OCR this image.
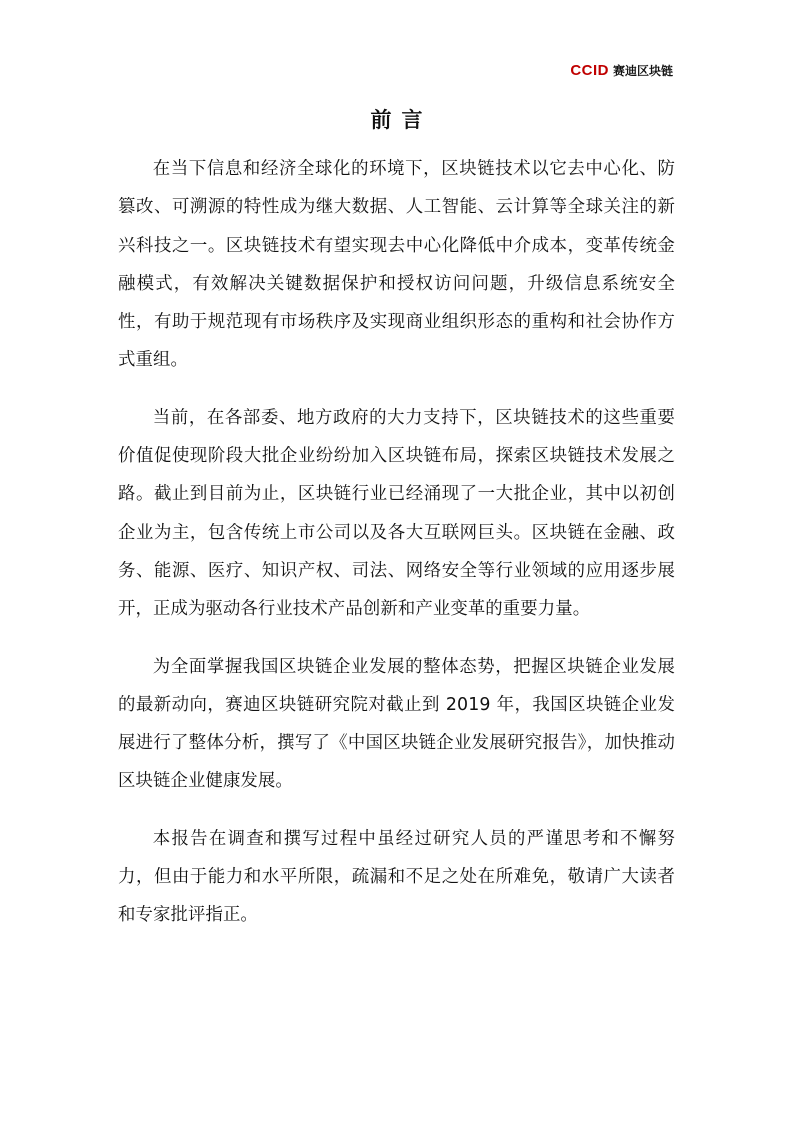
CCID 赛迪区块链
前言

在当下信息和经济全球化的环境下，区块链技术以它去中心化、防篡改、可溯源的特性成为继大数据、人工智能、云计算等全球关注的新兴科技之一。区块链技术有望实现去中心化降低中介成本，变革传统金融模式，有效解决关键数据保护和授权访问问题，升级信息系统安全性，有助于规范现有市场秩序及实现商业组织形态的重构和社会协作方式重组。

当前，在各部委、地方政府的大力支持下，区块链技术的这些重要价值促使现阶段大批企业纷纷加入区块链布局，探索区块链技术发展之路。截止到目前为止，区块链行业已经涌现了一大批企业，其中以初创企业为主，包含传统上市公司以及各大互联网巨头。区块链在金融、政务、能源、医疗、知识产权、司法、网络安全等行业领域的应用逐步展开，正成为驱动各行业技术产品创新和产业变革的重要力量。

为全面掌握我国区块链企业发展的整体态势，把握区块链企业发展的最新动向，赛迪区块链研究院对截止到 2019 年，我国区块链企业发展进行了整体分析，撰写了《中国区块链企业发展研究报告》，加快推动区块链企业健康发展。

本报告在调查和撰写过程中虽经过研究人员的严谨思考和不懈努力，但由于能力和水平所限，疏漏和不足之处在所难免，敬请广大读者和专家批评指正。
